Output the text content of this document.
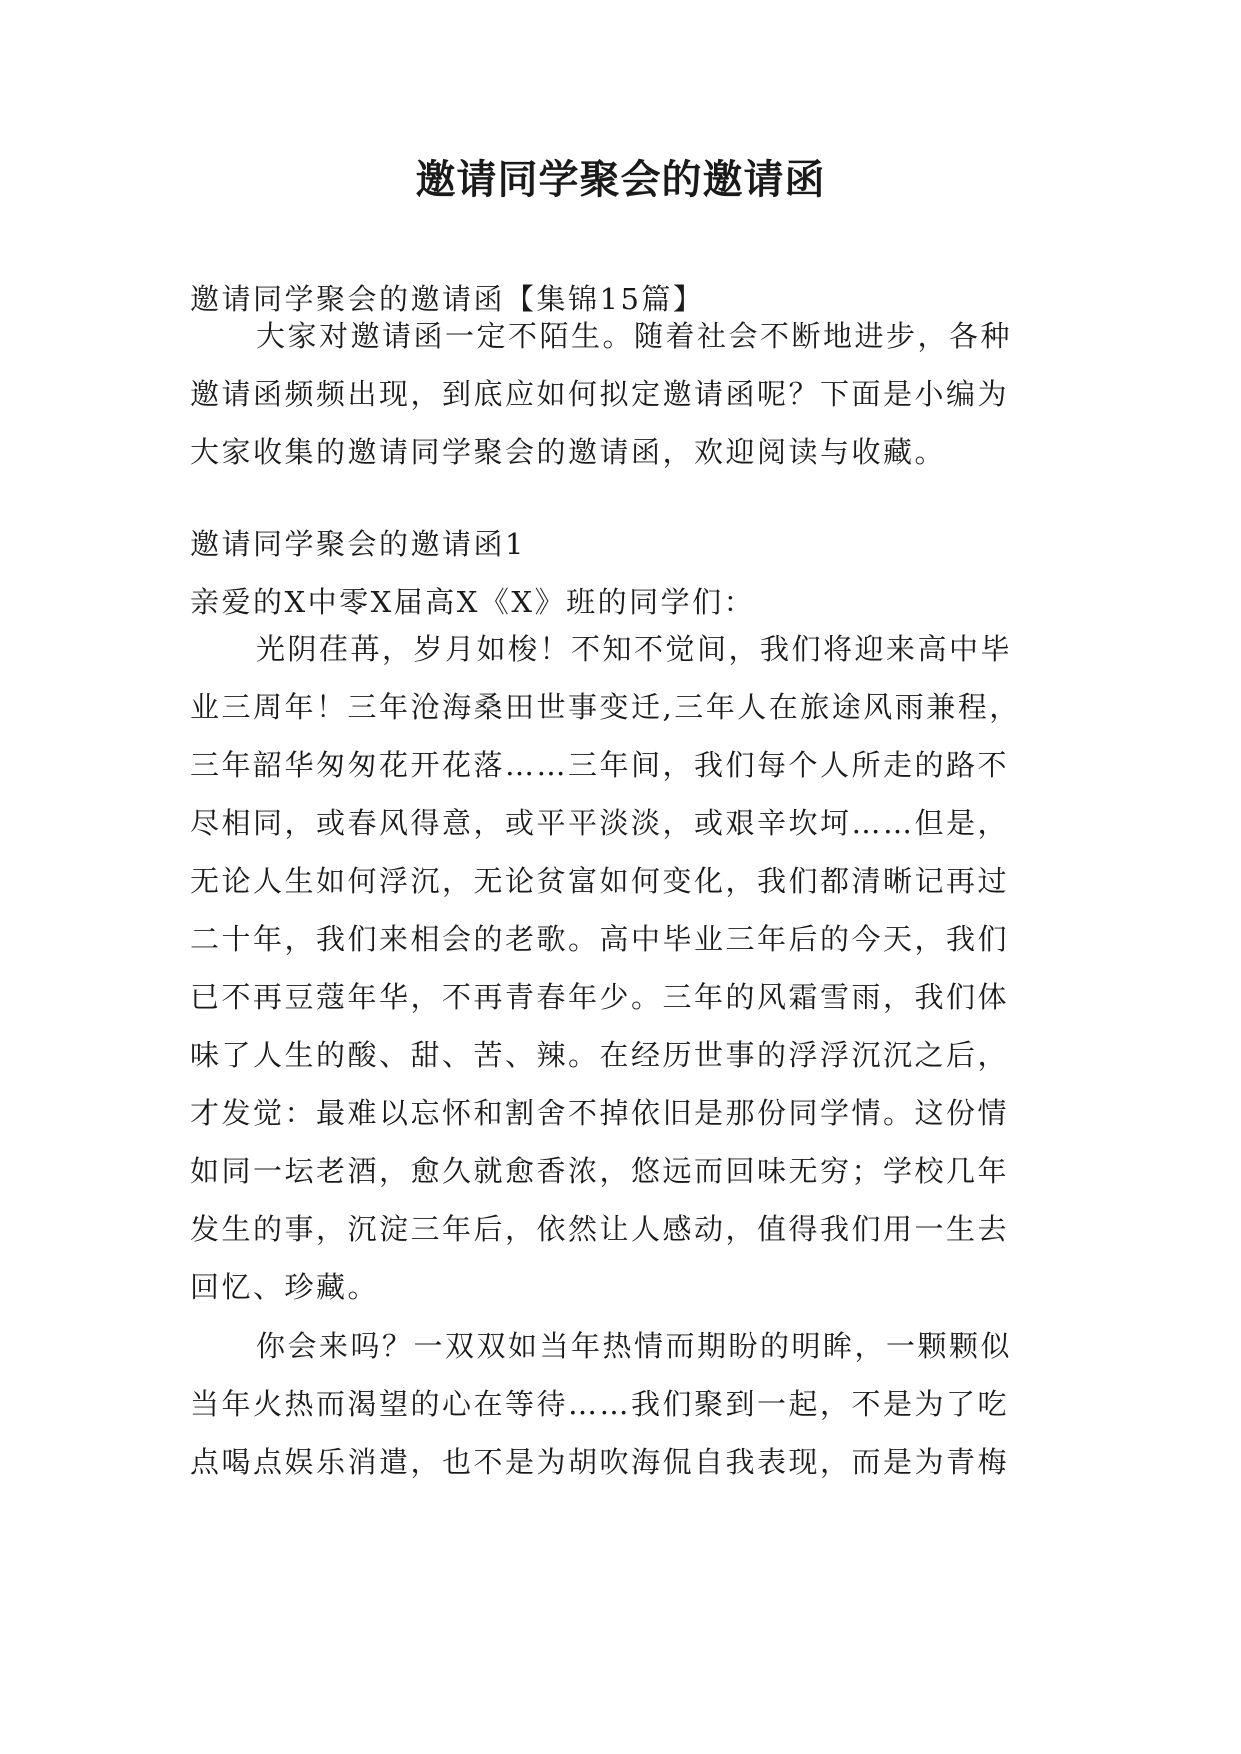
邀请同学聚会的邀请函
邀请同学聚会的邀请函【集锦15篇】
大家对邀请函一定不陌生。随着社会不断地进步，各种
邀请函频频出现，到底应如何拟定邀请函呢？下面是小编为
大家收集的邀请同学聚会的邀请函，欢迎阅读与收藏。
邀请同学聚会的邀请函1
亲爱的X中零X届高X《X》班的同学们：
光阴荏苒，岁月如梭！不知不觉间，我们将迎来高中毕
业三周年！三年沧海桑田世事变迁,三年人在旅途风雨兼程，
三年韶华匆匆花开花落……三年间，我们每个人所走的路不
尽相同，或春风得意，或平平淡淡，或艰辛坎坷……但是，
无论人生如何浮沉，无论贫富如何变化，我们都清晰记再过
二十年，我们来相会的老歌。高中毕业三年后的今天，我们
已不再豆蔻年华，不再青春年少。三年的风霜雪雨，我们体
味了人生的酸、甜、苦、辣。在经历世事的浮浮沉沉之后，
才发觉：最难以忘怀和割舍不掉依旧是那份同学情。这份情
如同一坛老酒，愈久就愈香浓，悠远而回味无穷；学校几年
发生的事，沉淀三年后，依然让人感动，值得我们用一生去
回忆、珍藏。
你会来吗？一双双如当年热情而期盼的明眸，一颗颗似
当年火热而渴望的心在等待……我们聚到一起，不是为了吃
点喝点娱乐消遣，也不是为胡吹海侃自我表现，而是为青梅
